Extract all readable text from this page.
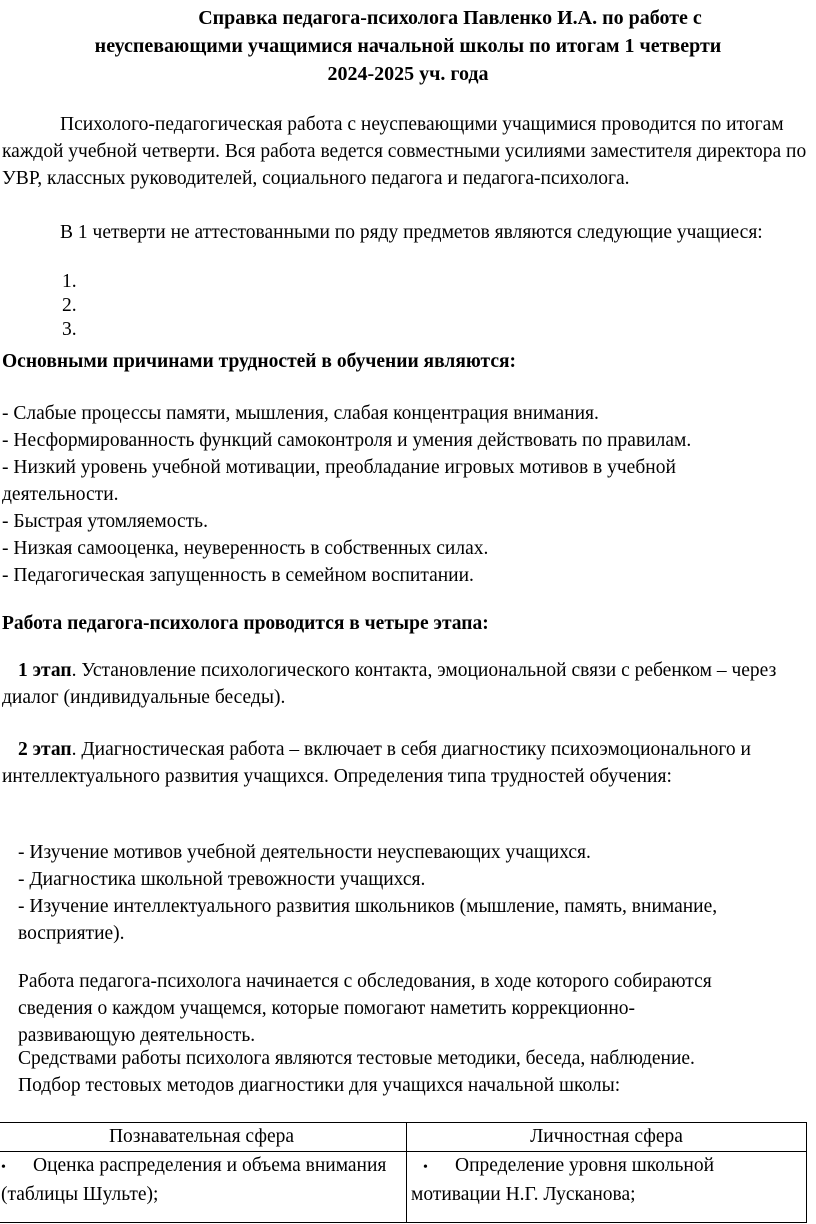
Справка педагога-психолога Павленко И.А. по работе с
неуспевающими учащимися начальной школы по итогам 1 четверти
2024-2025 уч. года

Психолого-педагогическая работа с неуспевающими учащимися проводится по итогам каждой учебной четверти. Вся работа ведется совместными усилиями заместителя директора по УВР, классных руководителей, социального педагога и педагога-психолога.

В 1 четверти не аттестованными по ряду предметов являются следующие учащиеся:

1.
2.
3.

Основными причинами трудностей в обучении являются:

- Слабые процессы памяти, мышления, слабая концентрация внимания.
- Несформированность функций самоконтроля и умения действовать по правилам.
- Низкий уровень учебной мотивации, преобладание игровых мотивов в учебной деятельности.
- Быстрая утомляемость.
- Низкая самооценка, неуверенность в собственных силах.
- Педагогическая запущенность в семейном воспитании.

Работа педагога-психолога проводится в четыре этапа:

1 этап. Установление психологического контакта, эмоциональной связи с ребенком – через диалог (индивидуальные беседы).

2 этап. Диагностическая работа – включает в себя диагностику психоэмоционального и интеллектуального развития учащихся. Определения типа трудностей обучения:

- Изучение мотивов учебной деятельности неуспевающих учащихся.
- Диагностика школьной тревожности учащихся.
- Изучение интеллектуального развития школьников (мышление, память, внимание, восприятие).

Работа педагога-психолога начинается с обследования, в ходе которого собираются сведения о каждом учащемся, которые помогают наметить коррекционно-развивающую деятельность.

Средствами работы психолога являются тестовые методики, беседа, наблюдение.

Подбор тестовых методов диагностики для учащихся начальной школы:

Познавательная сфера	Личностная сфера
• Оценка распределения и объема внимания (таблицы Шульте);	• Определение уровня школьной мотивации Н.Г. Лусканова;
